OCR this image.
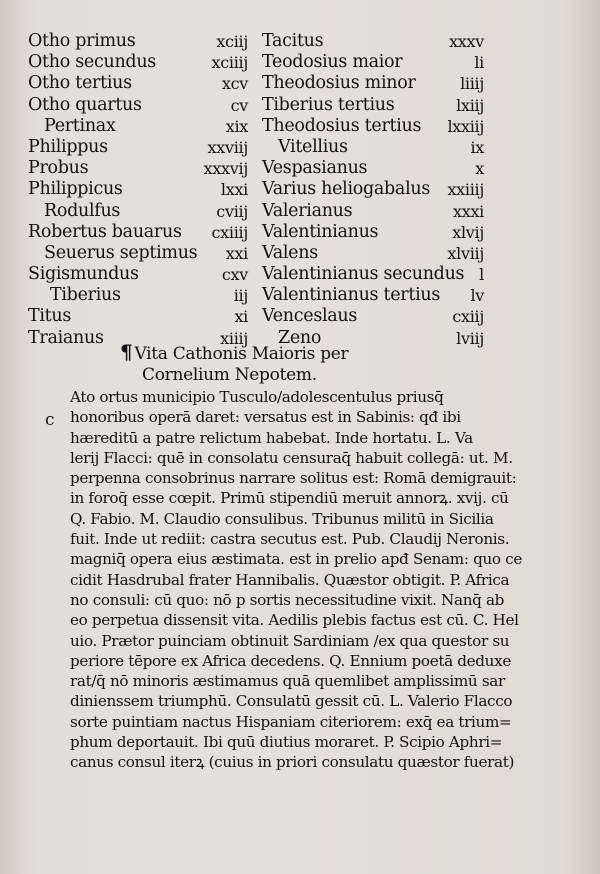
Otho primus	xciij
Otho secundus	xciiij
Otho tertius	xcv
Otho quartus	cv
Pertinax	xix
Philippus	xxviij
Probus	xxxvij
Philippicus	lxxi
Rodulfus	cviij
Robertus bauarus cxiiij
Seuerus septimus xxi
Sigismundus	cxv
Tiberius	iij
Titus	xi
Traianus	xiiij
Tacitus	xxxv
Teodosius maior	li
Theodosius minor	liiij
Tiberius tertius	lxiij
Theodosius tertius lxxiij
Vitellius	ix
Vespasianus	x
Varius heliogabalus xxiiij
Valerianus	xxxi
Valentinianus	xlvij
Valens	xlviij
Valentinianus secundus l
Valentinianus tertius lv
Venceslaus	cxiij
Zeno	lviij
¶ Vita Cathonis Maioris per
Cornelium Nepotem.
c
Ato ortus municipio Tusculo/adolescentulus priusq̄
honoribus operā daret: versatus est in Sabinis: qđ ibi
hæreditū a patre relictum habebat. Inde hortatu. L. Va
lerij Flacci: quē in consolatu censuraq̄ habuit collegā: ut. M.
perpenna consobrinus narrare solitus est: Romā demigrauit:
in foroq̄ esse cœpit. Primū stipendiū meruit annorꝝ. xvij. cū
Q. Fabio. M. Claudio consulibus. Tribunus militū in Sicilia
fuit. Inde ut rediit: castra secutus est. Pub. Claudij Neronis.
magniq̄ opera eius æstimata. est in prelio apđ Senam: quo ce
cidit Hasdrubal frater Hannibalis. Quæstor obtigit. P. Africa
no consuli: cū quo: nō p sortis necessitudine vixit. Nanq̄ ab
eo perpetua dissensit vita. Aedilis plebis factus est cū. C. Hel
uio. Prætor puinciam obtinuit Sardiniam /ex qua questor su
periore tēpore ex Africa decedens. Q. Ennium poetā deduxe
rat/q̄ nō minoris æstimamus quā quemlibet amplissimū sar
dinienssem triumphū. Consulatū gessit cū. L. Valerio Flacco
sorte puintiam nactus Hispaniam citeriorem: exq̄ ea trium=
phum deportauit. Ibi quū diutius moraret. P. Scipio Aphri=
canus consul iterꝝ (cuius in priori consulatu quæstor fuerat)
